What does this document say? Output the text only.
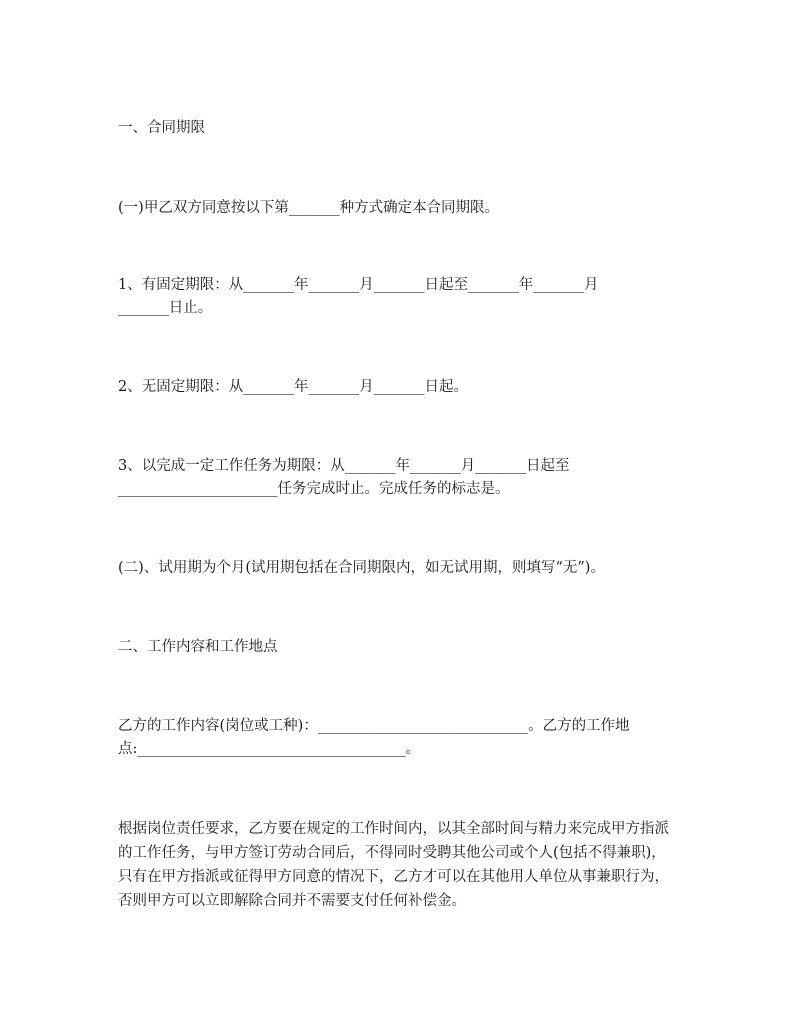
一、合同期限
(一)甲乙双方同意按以下第_______种方式确定本合同期限。
1、有固定期限：从_______年_______月_______日起至_______年_______月
_______日止。
2、无固定期限：从_______年_______月_______日起。
3、以完成一定工作任务为期限：从_______年_______月_______日起至
______________________任务完成时止。完成任务的标志是。
(二)、试用期为个月(试用期包括在合同期限内，如无试用期，则填写“无”)。
二、工作内容和工作地点
乙方的工作内容(岗位或工种)：_____________________________。乙方的工作地
点:_____________________________________。
根据岗位责任要求，乙方要在规定的工作时间内，以其全部时间与精力来完成甲方指派的工作任务，与甲方签订劳动合同后，不得同时受聘其他公司或个人(包括不得兼职)，只有在甲方指派或征得甲方同意的情况下，乙方才可以在其他用人单位从事兼职行为，否则甲方可以立即解除合同并不需要支付任何补偿金。
